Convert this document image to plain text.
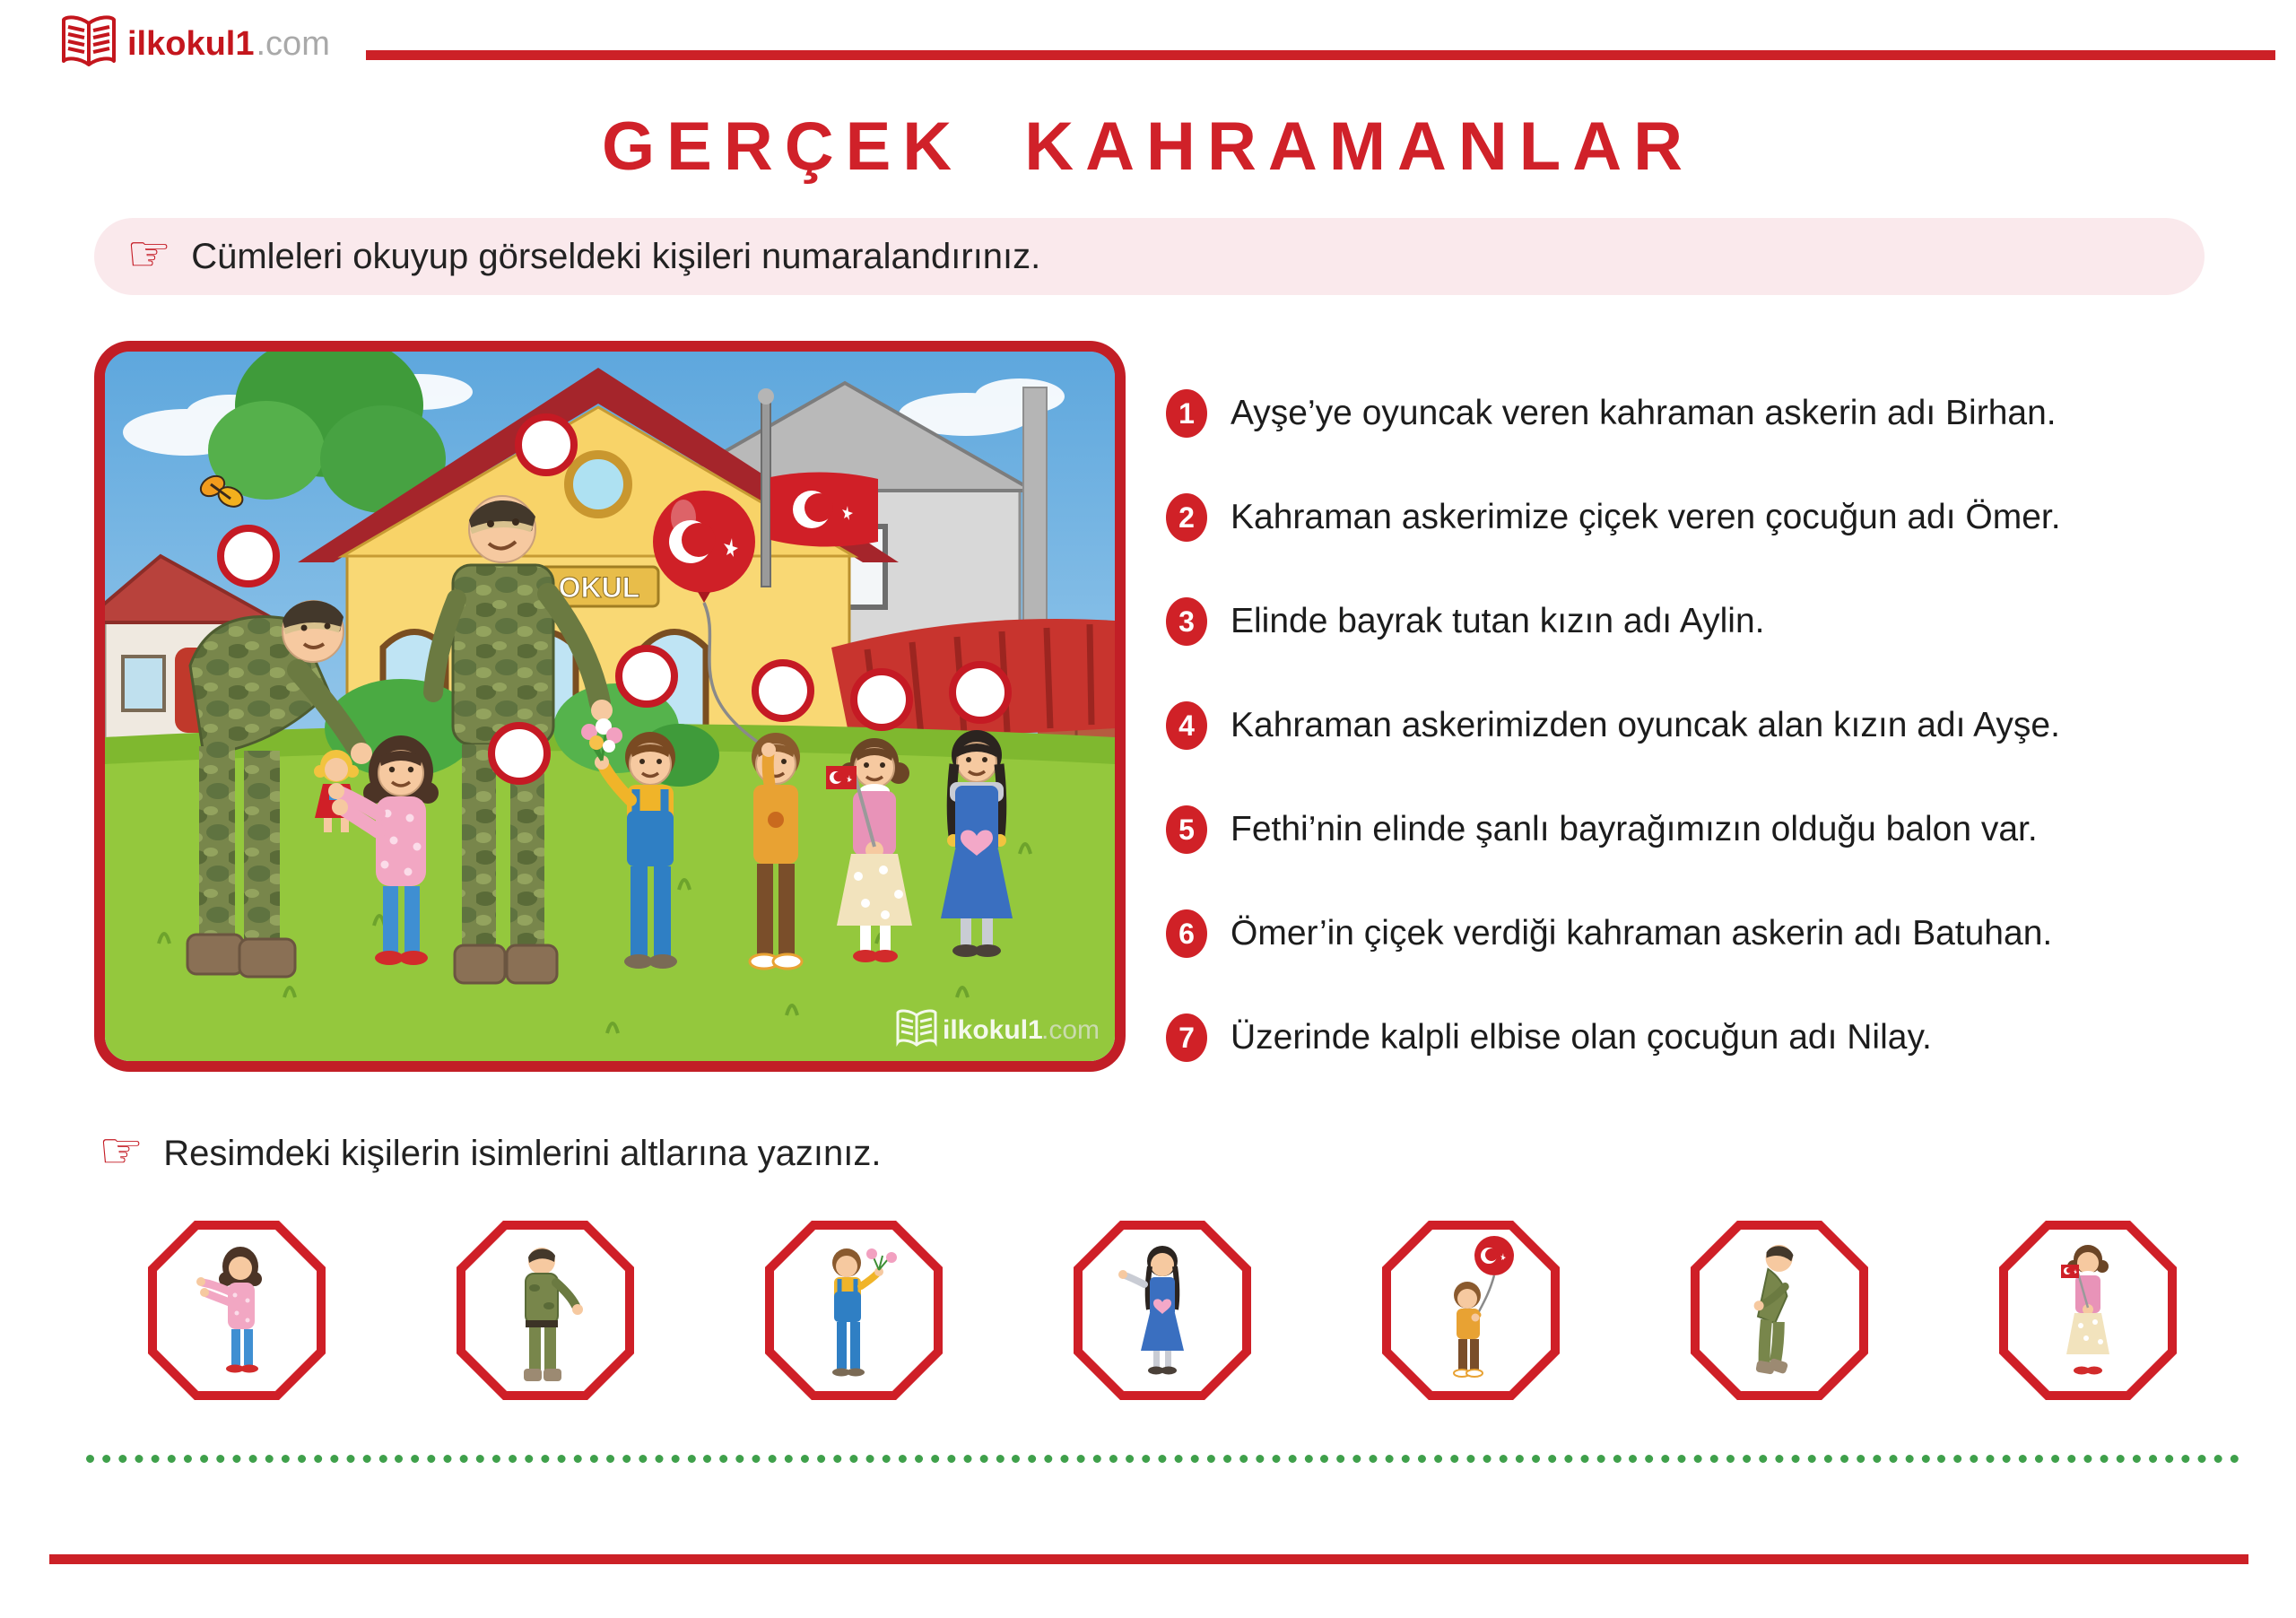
ilkokul1 .com
GERÇEK KAHRAMANLAR
☞ Cümleleri okuyup görseldeki kişileri numaralandırınız.
OKUL
ilkokul1
.com
1	Ayşe’ye oyuncak veren kahraman askerin adı Birhan.
2	Kahraman askerimize çiçek veren çocuğun adı Ömer.
3	Elinde bayrak tutan kızın adı Aylin.
4	Kahraman askerimizden oyuncak alan kızın adı Ayşe.
5	Fethi’nin elinde şanlı bayrağımızın olduğu balon var.
6	Ömer’in çiçek verdiği kahraman askerin adı Batuhan.
7	Üzerinde kalpli elbise olan çocuğun adı Nilay.
☞ Resimdeki kişilerin isimlerini altlarına yazınız.
